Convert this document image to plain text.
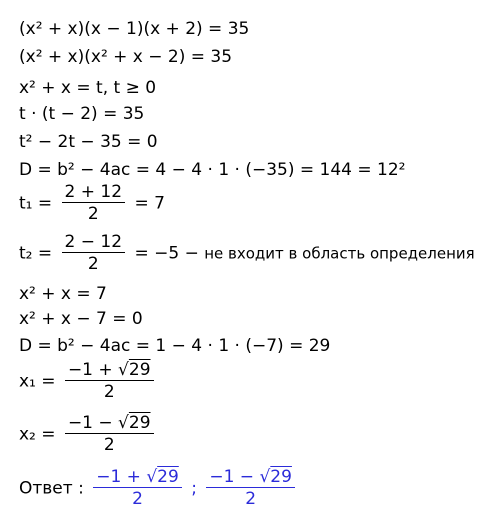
(x² + x)(x − 1)(x + 2) = 35
(x² + x)(x² + x − 2) = 35
x² + x = t, t ≥ 0
t · (t − 2) = 35
t² − 2t − 35 = 0
D = b² − 4ac = 4 − 4 · 1 · (−35) = 144 = 12²
$t_1 = \frac{2 + 12}{2} = 7$
$t_2 = \frac{2 - 12}{2} = -5$ − не входит в область определения
x² + x = 7
x² + x − 7 = 0
D = b² − 4ac = 1 − 4 · 1 · (−7) = 29
$x_1 = \frac{-1 + √29}{2}$
$x_2 = \frac{-1 - √29}{2}$
Ответ : $\frac{-1 + √29}{2}$ ; $\frac{-1 - √29}{2}$
